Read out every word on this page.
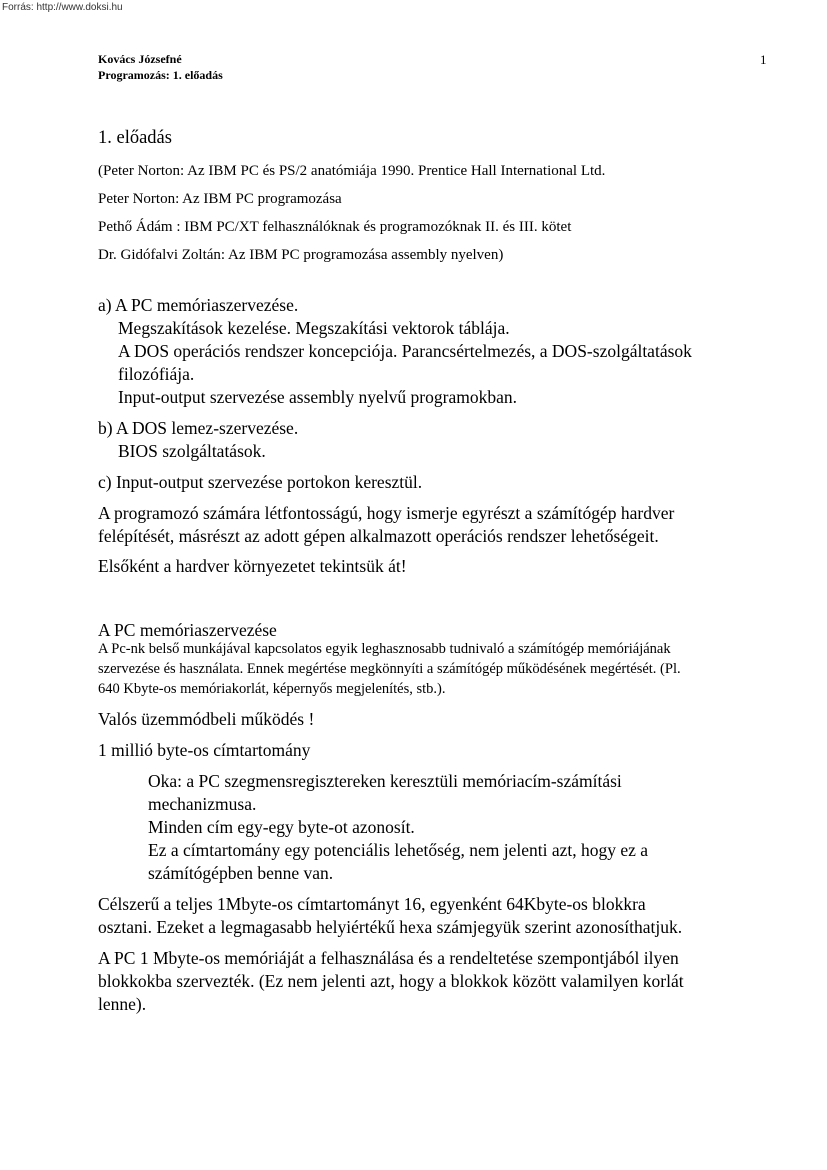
Forrás: http://www.doksi.hu
Kovács Józsefné
Programozás: 1. előadás
1
1. előadás
(Peter Norton: Az IBM PC és PS/2 anatómiája 1990. Prentice Hall International Ltd.
Peter Norton: Az IBM PC programozása
Pethő Ádám : IBM PC/XT felhasználóknak és programozóknak II. és III. kötet
Dr. Gidófalvi Zoltán: Az IBM PC programozása assembly nyelven)
a) A PC memóriaszervezése.
Megszakítások kezelése. Megszakítási vektorok táblája.
A DOS operációs rendszer koncepciója. Parancsértelmezés, a DOS-szolgáltatások
filozófiája.
Input-output szervezése assembly nyelvű programokban.
b) A DOS lemez-szervezése.
BIOS szolgáltatások.
c) Input-output szervezése portokon keresztül.
A programozó számára létfontosságú, hogy ismerje egyrészt a számítógép hardver
felépítését, másrészt az adott gépen alkalmazott operációs rendszer lehetőségeit.
Elsőként a hardver környezetet tekintsük át!
A PC memóriaszervezése
A Pc-nk belső munkájával kapcsolatos egyik leghasznosabb tudnivaló a számítógép memóriájának
szervezése és használata. Ennek megértése megkönnyíti a számítógép működésének megértését. (Pl.
640 Kbyte-os memóriakorlát, képernyős megjelenítés, stb.).
Valós üzemmódbeli működés !
1 millió byte-os címtartomány
Oka: a PC szegmensregisztereken keresztüli memóriacím-számítási
mechanizmusa.
Minden cím egy-egy byte-ot azonosít.
Ez a címtartomány egy potenciális lehetőség, nem jelenti azt, hogy ez a
számítógépben benne van.
Célszerű a teljes 1Mbyte-os címtartományt 16, egyenként 64Kbyte-os blokkra
osztani. Ezeket a legmagasabb helyiértékű hexa számjegyük szerint azonosíthatjuk.
A PC 1 Mbyte-os memóriáját a felhasználása és a rendeltetése szempontjából ilyen
blokkokba szervezték. (Ez nem jelenti azt, hogy a blokkok között valamilyen korlát
lenne).
